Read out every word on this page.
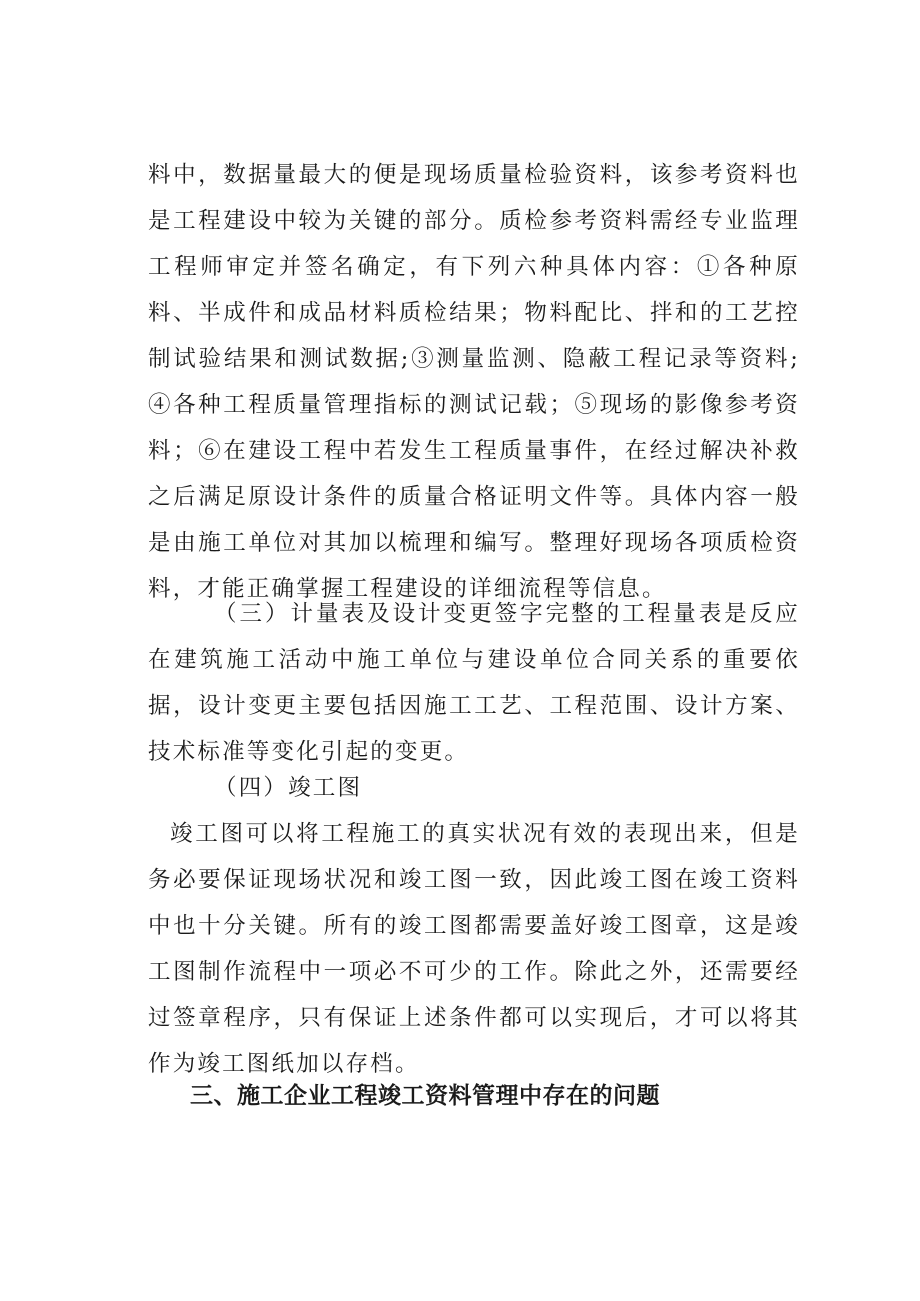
料中，数据量最大的便是现场质量检验资料，该参考资料也是工程建设中较为关键的部分。质检参考资料需经专业监理工程师审定并签名确定，有下列六种具体内容：①各种原料、半成件和成品材料质检结果；物料配比、拌和的工艺控制试验结果和测试数据;③测量监测、隐蔽工程记录等资料;④各种工程质量管理指标的测试记载；⑤现场的影像参考资料；⑥在建设工程中若发生工程质量事件，在经过解决补救之后满足原设计条件的质量合格证明文件等。具体内容一般是由施工单位对其加以梳理和编写。整理好现场各项质检资料，才能正确掌握工程建设的详细流程等信息。

（三）计量表及设计变更签字完整的工程量表是反应在建筑施工活动中施工单位与建设单位合同关系的重要依据，设计变更主要包括因施工工艺、工程范围、设计方案、技术标准等变化引起的变更。

（四）竣工图

竣工图可以将工程施工的真实状况有效的表现出来，但是务必要保证现场状况和竣工图一致，因此竣工图在竣工资料中也十分关键。所有的竣工图都需要盖好竣工图章，这是竣工图制作流程中一项必不可少的工作。除此之外，还需要经过签章程序，只有保证上述条件都可以实现后，才可以将其作为竣工图纸加以存档。

三、施工企业工程竣工资料管理中存在的问题
